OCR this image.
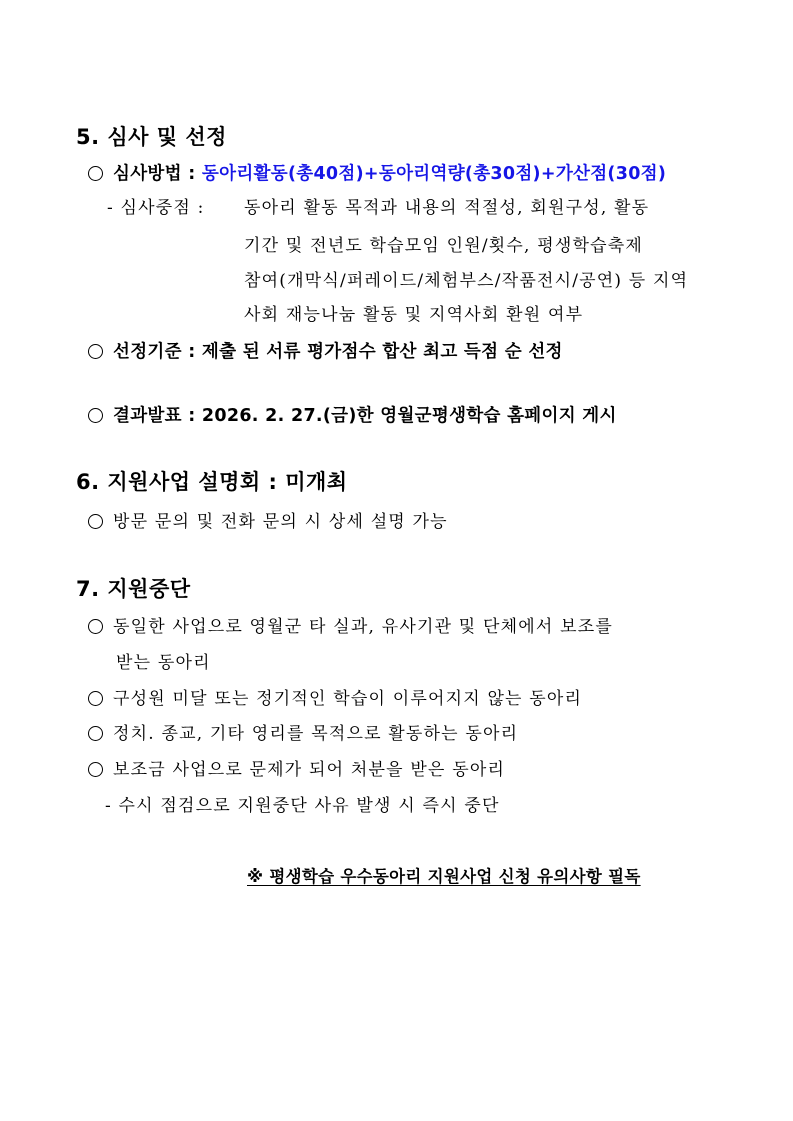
5. 심사 및 선정
심사방법 : 동아리활동(총40점)+동아리역량(총30점)+가산점(30점)
- 심사중점 : 동아리 활동 목적과 내용의 적절성, 회원구성, 활동
기간 및 전년도 학습모임 인원/횟수, 평생학습축제
참여(개막식/퍼레이드/체험부스/작품전시/공연) 등 지역
사회 재능나눔 활동 및 지역사회 환원 여부
선정기준 : 제출 된 서류 평가점수 합산 최고 득점 순 선정
결과발표 : 2026. 2. 27.(금)한 영월군평생학습 홈페이지 게시
6. 지원사업 설명회 : 미개최
방문 문의 및 전화 문의 시 상세 설명 가능
7. 지원중단
동일한 사업으로 영월군 타 실과, 유사기관 및 단체에서 보조를
받는 동아리
구성원 미달 또는 정기적인 학습이 이루어지지 않는 동아리
정치. 종교, 기타 영리를 목적으로 활동하는 동아리
보조금 사업으로 문제가 되어 처분을 받은 동아리
- 수시 점검으로 지원중단 사유 발생 시 즉시 중단
※ 평생학습 우수동아리 지원사업 신청 유의사항 필독
